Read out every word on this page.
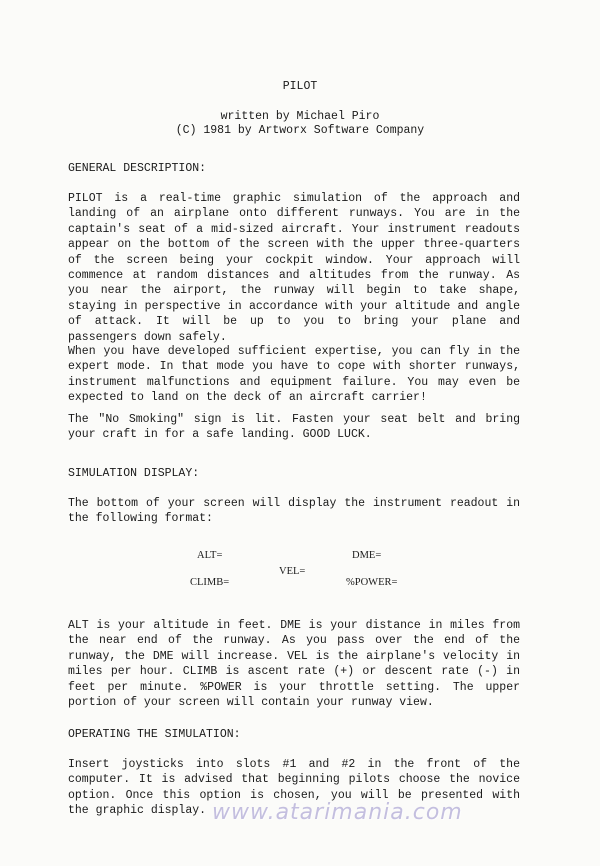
PILOT
written by Michael Piro
(C) 1981 by Artworx Software Company
GENERAL DESCRIPTION:
PILOT is a real-time graphic simulation of the approach and landing of an airplane onto different runways. You are in the captain's seat of a mid-sized aircraft. Your instrument readouts appear on the bottom of the screen with the upper three-quarters of the screen being your cockpit window. Your approach will commence at random distances and altitudes from the runway. As you near the airport, the runway will begin to take shape, staying in perspective in accordance with your altitude and angle of attack. It will be up to you to bring your plane and passengers down safely.
When you have developed sufficient expertise, you can fly in the expert mode. In that mode you have to cope with shorter runways, instrument malfunctions and equipment failure. You may even be expected to land on the deck of an aircraft carrier!
The "No Smoking" sign is lit. Fasten your seat belt and bring your craft in for a safe landing. GOOD LUCK.
SIMULATION DISPLAY:
The bottom of your screen will display the instrument readout in the following format:
ALT=	DME=
VEL=
CLIMB=	%POWER=
ALT is your altitude in feet. DME is your distance in miles from the near end of the runway. As you pass over the end of the runway, the DME will increase. VEL is the airplane's velocity in miles per hour. CLIMB is ascent rate (+) or descent rate (-) in feet per minute. %POWER is your throttle setting. The upper portion of your screen will contain your runway view.
OPERATING THE SIMULATION:
Insert joysticks into slots #1 and #2 in the front of the computer. It is advised that beginning pilots choose the novice option. Once this option is chosen, you will be presented with the graphic display. www.atarimania.com
